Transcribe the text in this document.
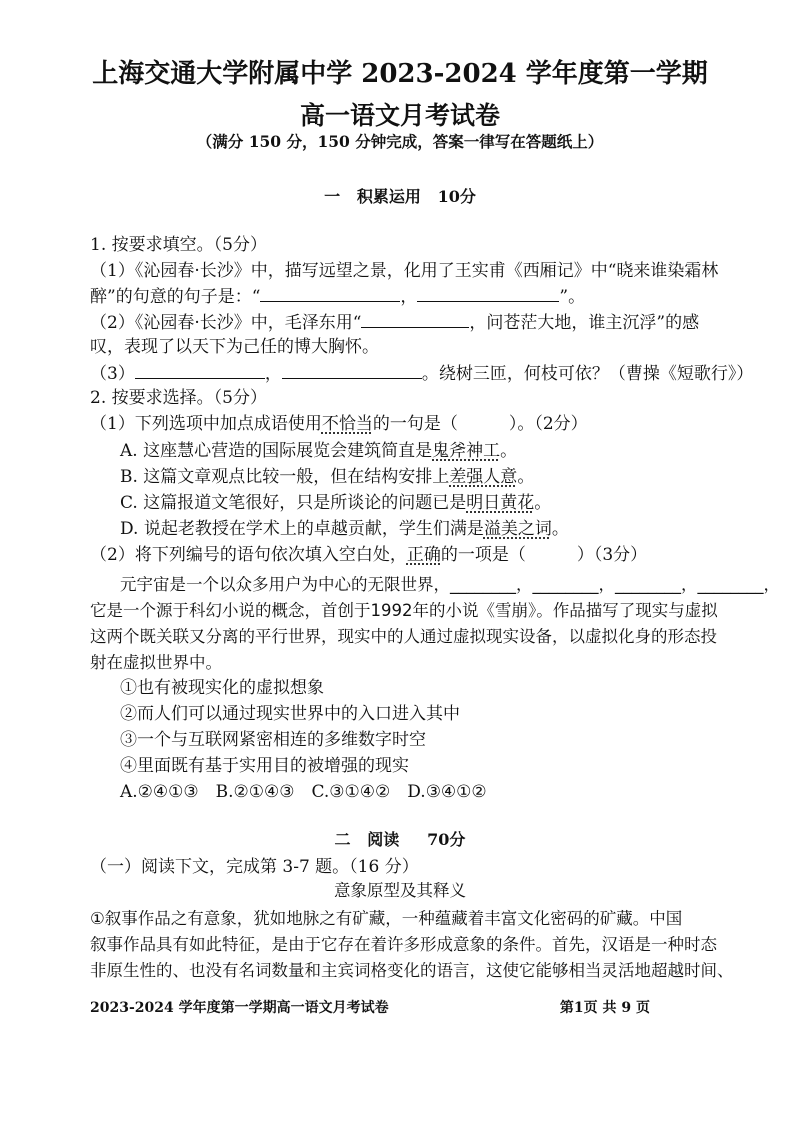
上海交通大学附属中学 2023-2024 学年度第一学期
高一语文月考试卷
（满分 150 分，150 分钟完成，答案一律写在答题纸上）
一 积累运用 10分
1. 按要求填空。（5分）
（1）《沁园春·长沙》中，描写远望之景，化用了王实甫《西厢记》中“晓来谁染霜林
醉”的句意的句子是：“	，	”。
（2）《沁园春·长沙》中，毛泽东用“	，问苍茫大地，谁主沉浮”的感
叹，表现了以天下为己任的博大胸怀。
（3）	，	。绕树三匝，何枝可依？（曹操《短歌行》）
2. 按要求选择。（5分）
（1）下列选项中加点成语使用不恰当的一句是（　　　）。（2分）
A. 这座慧心营造的国际展览会建筑简直是鬼斧神工。
B. 这篇文章观点比较一般，但在结构安排上差强人意。
C. 这篇报道文笔很好，只是所谈论的问题已是明日黄花。
D. 说起老教授在学术上的卓越贡献，学生们满是溢美之词。
（2）将下列编号的语句依次填入空白处，正确的一项是（　　　）（3分）
元宇宙是一个以众多用户为中心的无限世界，________，________，________，________，
它是一个源于科幻小说的概念，首创于1992年的小说《雪崩》。作品描写了现实与虚拟
这两个既关联又分离的平行世界，现实中的人通过虚拟现实设备，以虚拟化身的形态投
射在虚拟世界中。
①也有被现实化的虚拟想象
②而人们可以通过现实世界中的入口进入其中
③一个与互联网紧密相连的多维数字时空
④里面既有基于实用目的被增强的现实
A.②④①③　B.②①④③　C.③①④②　D.③④①②
二 阅读 70分
（一）阅读下文，完成第 3-7 题。（16 分）
意象原型及其释义
①叙事作品之有意象，犹如地脉之有矿藏，一种蕴藏着丰富文化密码的矿藏。中国
叙事作品具有如此特征，是由于它存在着许多形成意象的条件。首先，汉语是一种时态
非原生性的、也没有名词数量和主宾词格变化的语言，这使它能够相当灵活地超越时间、
2023-2024 学年度第一学期高一语文月考试卷	第1页 共 9 页
